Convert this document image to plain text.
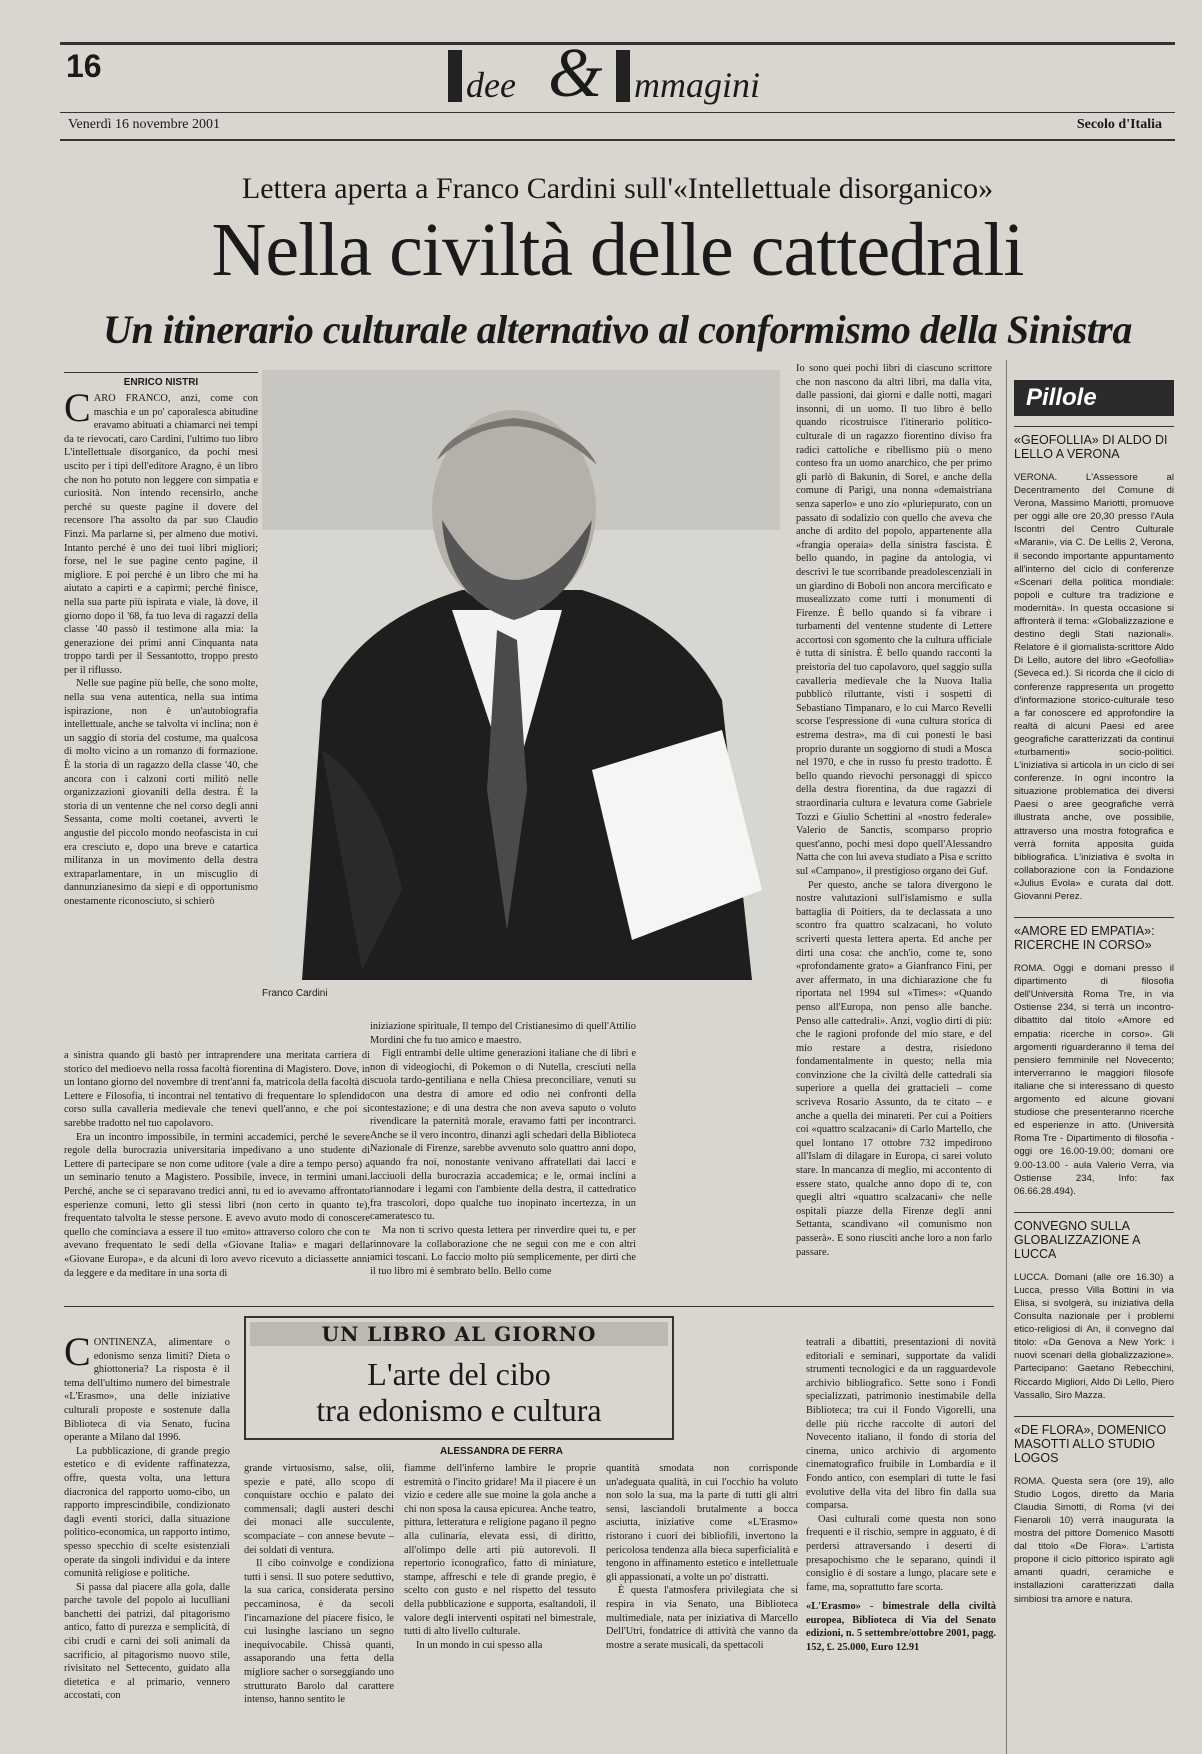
16	dee & mmagini
Venerdì 16 novembre 2001	Secolo d'Italia
Lettera aperta a Franco Cardini sull'«Intellettuale disorganico»
Nella civiltà delle cattedrali
Un itinerario culturale alternativo al conformismo della Sinistra
ENRICO NISTRI

CARO FRANCO, anzi, come con maschia e un po' caporalesca abitudine eravamo abituati a chiamarci nei tempi da te rievocati, caro Cardini, l'ultimo tuo libro L'intellettuale disorganico, da pochi mesi uscito per i tipi dell'editore Aragno, è un libro che non ho potuto non leggere con simpatia e curiosità. Non intendo recensirlo, anche perché su queste pagine il dovere del recensore l'ha assolto da par suo Claudio Finzi. Ma parlarne sì, per almeno due motivi. Intanto perché è uno dei tuoi libri migliori; forse, nel le sue pagine cento pagine, il migliore. E poi perché è un libro che mi ha aiutato a capirti e a capirmi; perché finisce, nella sua parte più ispirata e viale, là dove, il giorno dopo il '68, fa tuo leva di ragazzi della classe '40 passò il testimone alla mia: la generazione dei primi anni Cinquanta nata troppo tardi per il Sessantotto, troppo presto per il riflusso.

Nelle sue pagine più belle, che sono molte, nella sua vena autentica, nella sua intima ispirazione, non è un'autobiografia intellettuale, anche se talvolta vi inclina; non è un saggio di storia del costume, ma qualcosa di molto vicino a un romanzo di formazione. È la storia di un ragazzo della classe '40, che ancora con i calzoni corti militò nelle organizzazioni giovanili della destra. È la storia di un ventenne che nel corso degli anni Sessanta, come molti coetanei, avvertì le angustie del piccolo mondo neofascista in cui era cresciuto e, dopo una breve e catartica militanza in un movimento della destra extraparlamentare, in un miscuglio di dannunzianesimo da siepi e di opportunismo onestamente riconosciuto, si schierò

Franco Cardini

Io sono quei pochi libri di ciascuno scrittore che non nascono da altri libri, ma dalla vita, dalle passioni, dai giorni e dalle notti, magari insonni, di un uomo. Il tuo libro è bello quando ricostruisce l'itinerario politico-culturale di un ragazzo fiorentino diviso fra radici cattoliche e ribellismo più o meno conteso fra un uomo anarchico, che per primo gli parlò di Bakunin, di Sorel, e anche della comune di Parigi, una nonna «demaistriana senza saperlo» e uno zio «pluriepurato, con un passato di sodalizio con quello che aveva che anche di ardito del popolo, appartenente alla «frangia operaia» della sinistra fascista. È bello quando, in pagine da antologia, vi descrivi le tue scorribande preadolescenziali in un giardino di Boboli non ancora mercificato e musealizzato come tutti i monumenti di Firenze. È bello quando si fa vibrare i turbamenti del ventenne studente di Lettere accortosi con sgomento che la cultura ufficiale è tutta di sinistra. È bello quando racconti la preistoria del tuo capolavoro, quel saggio sulla cavalleria medievale che la Nuova Italia pubblicò riluttante, visti i sospetti di Sebastiano Timpanaro, e lo cui Marco Revelli scorse l'espressione di «una cultura storica di estrema destra», ma di cui ponesti le basi proprio durante un soggiorno di studi a Mosca nel 1970, e che in russo fu presto tradotto. È bello quando rievochi personaggi di spicco della destra fiorentina, da due ragazzi di straordinaria cultura e levatura come Gabriele Tozzi e Giulio Schettini al «nostro federale» Valerio de Sanctis, scomparso proprio quest'anno, pochi mesi dopo quell'Alessandro Natta che con lui aveva studiato a Pisa e scritto sul «Campano», il prestigioso organo dei Guf.

Per questo, anche se talora divergono le nostre valutazioni sull'islamismo e sulla battaglia di Poitiers, da te declassata a uno scontro fra quattro scalzacani, ho voluto scriverti questa lettera aperta. Ed anche per dirti una cosa: che anch'io, come te, sono «profondamente grato» a Gianfranco Fini, per aver affermato, in una dichiarazione che fu riportata nel 1994 sul «Times»: «Quando penso all'Europa, non penso alle banche. Penso alle cattedrali». Anzi, voglio dirti di più: che le ragioni profonde del mio stare, e del mio restare a destra, risiedono fondamentalmente in questo; nella mia convinzione che la civiltà delle cattedrali sia superiore a quella dei grattacieli – come scriveva Rosario Assunto, da te citato – e anche a quella dei minareti. Per cui a Poitiers coi «quattro scalzacani» di Carlo Martello, che quel lontano 17 ottobre 732 impedirono all'Islam di dilagare in Europa, ci sarei voluto stare. In mancanza di meglio, mi accontento di essere stato, qualche anno dopo di te, con quegli altri «quattro scalzacani» che nelle ospitali piazze della Firenze degli anni Settanta, scandivano «il comunismo non passerà». E sono riusciti anche loro a non farlo passare.

a sinistra quando gli bastò per intraprendere una meritata carriera di storico del medioevo nella rossa facoltà fiorentina di Magistero. Dove, in un lontano giorno del novembre di trent'anni fa, matricola della facoltà di Lettere e Filosofia, ti incontrai nel tentativo di frequentare lo splendido corso sulla cavalleria medievale che tenevi quell'anno, e che poi si sarebbe tradotto nel tuo capolavoro.

Era un incontro impossibile, in termini accademici, perché le severe regole della burocrazia universitaria impedivano a uno studente di Lettere di partecipare se non come uditore (vale a dire a tempo perso) a un seminario tenuto a Magistero. Possibile, invece, in termini umani. Perché, anche se ci separavano tredici anni, tu ed io avevamo affrontato esperienze comuni, letto gli stessi libri (non certo in quanto te), frequentato talvolta le stesse persone. E avevo avuto modo di conoscere quello che cominciava a essere il tuo «mito» attraverso coloro che con te avevano frequentato le sedi della «Giovane Italia» e magari della «Giovane Europa», e da alcuni di loro avevo ricevuto a diciassette anni da leggere e da meditare in una sorta di

iniziazione spirituale, Il tempo del Cristianesimo di quell'Attilio Mordini che fu tuo amico e maestro.

Figli entrambi delle ultime generazioni italiane che di libri e non di videogiochi, di Pokemon o di Nutella, cresciuti nella scuola tardo-gentiliana e nella Chiesa preconciliare, venuti su con una destra di amore ed odio nei confronti della contestazione; e di una destra che non aveva saputo o voluto rivendicare la paternità morale, eravamo fatti per incontrarci. Anche se il vero incontro, dinanzi agli schedari della Biblioteca Nazionale di Firenze, sarebbe avvenuto solo quattro anni dopo, quando fra noi, nonostante venivano affratellati dai lacci e lacciuoli della burocrazia accademica; e le, ormai inclini a riannodare i legami con l'ambiente della destra, il cattedratico fra trascolori, dopo qualche tuo inopinato incertezza, in un cameratesco tu.

Ma non ti scrivo questa lettera per rinverdire quei tu, e per rinnovare la collaborazione che ne seguì con me e con altri amici toscani. Lo faccio molto più semplicemente, per dirti che il tuo libro mi è sembrato bello. Bello come

Pillole
«GEOFOLLIA» DI ALDO DI LELLO A VERONA
VERONA. L'Assessore al Decentramento del Comune di Verona, Massimo Mariotti, promuove per oggi alle ore 20,30 presso l'Aula Iscontri del Centro Culturale «Marani», via C. De Lellis 2, Verona, il secondo importante appuntamento all'interno del ciclo di conferenze «Scenari della politica mondiale: popoli e culture tra tradizione e modernità». In questa occasione si affronterà il tema: «Globalizzazione e destino degli Stati nazionali». Relatore è il giornalista-scrittore Aldo Di Lello, autore del libro «Geofollia» (Seveca ed.). Si ricorda che il ciclo di conferenze rappresenta un progetto d'informazione storico-culturale teso a far conoscere ed approfondire la realtà di alcuni Paesi ed aree geografiche caratterizzati da continui «turbamenti» socio-politici. L'iniziativa si articola in un ciclo di sei conferenze. In ogni incontro la situazione problematica dei diversi Paesi o aree geografiche verrà illustrata anche, ove possibile, attraverso una mostra fotografica e verrà fornita apposita guida bibliografica. L'iniziativa è svolta in collaborazione con la Fondazione «Julius Evola» e curata dal dott. Giovanni Perez.
«AMORE ED EMPATIA»: RICERCHE IN CORSO»
ROMA. Oggi e domani presso il dipartimento di filosofia dell'Università Roma Tre, in via Ostiense 234, si terrà un incontro-dibattito dal titolo «Amore ed empatia: ricerche in corso». Gli argomenti riguarderanno il tema del pensiero femminile nel Novecento; interverranno le maggiori filosofe italiane che si interessano di questo argomento ed alcune giovani studiose che presenteranno ricerche ed esperienze in atto. (Università Roma Tre - Dipartimento di filosofia - oggi ore 16.00-19.00; domani ore 9.00-13.00 - aula Valerio Verra, via Ostiense 234, Info: fax 06.66.28.494).
CONVEGNO SULLA GLOBALIZZAZIONE A LUCCA
LUCCA. Domani (alle ore 16.30) a Lucca, presso Villa Bottini in via Elisa, si svolgerà, su iniziativa della Consulta nazionale per i problemi etico-religiosi di An, il convegno dal titolo: «Da Genova a New York: i nuovi scenari della globalizzazione». Partecipano: Gaetano Rebecchini, Riccardo Migliori, Aldo Di Lello, Piero Vassallo, Siro Mazza.
«DE FLORA», DOMENICO MASOTTI ALLO STUDIO LOGOS
ROMA. Questa sera (ore 19), allo Studio Logos, diretto da Maria Claudia Simotti, di Roma (vi dei Fienaroli 10) verrà inaugurata la mostra del pittore Domenico Masotti dal titolo «De Flora». L'artista propone il ciclo pittorico ispirato agli amanti quadri, ceramiche e installazioni caratterizzati dalla simbiosi tra amore e natura.
UN LIBRO AL GIORNO
L'arte del cibo
tra edonismo e cultura
ALESSANDRA DE FERRA

CONTINENZA, alimentare o edonismo senza limiti? Dieta o ghiottoneria? La risposta è il tema dell'ultimo numero del bimestrale «L'Erasmo», una delle iniziative culturali proposte e sostenute dalla Biblioteca di via Senato, fucina operante a Milano dal 1996.

La pubblicazione, di grande pregio estetico e di evidente raffinatezza, offre, questa volta, una lettura diacronica del rapporto uomo-cibo, un rapporto imprescindibile, condizionato dagli eventi storici, dalla situazione politico-economica, un rapporto intimo, spesso specchio di scelte esistenziali operate da singoli individui e da intere comunità religiose e politiche.

Si passa dal piacere alla gola, dalle parche tavole del popolo ai luculliani banchetti dei patrizi, dal pitagorismo antico, fatto di purezza e semplicità, di cibi crudi e carni dei soli animali da sacrificio, al pitagorismo nuovo stile, rivisitato nel Settecento, guidato alla dietetica e al primario, vennero accostati, con

grande virtuosismo, salse, olii, spezie e paté, allo scopo di conquistare occhio e palato dei commensali; dagli austeri deschi dei monaci alle succulente, scompaciate – con annese bevute – dei soldati di ventura.

Il cibo coinvolge e condiziona tutti i sensi. Il suo potere seduttivo, la sua carica, considerata persino peccaminosa, è da secoli l'incarnazione del piacere fisico, le cui lusinghe lasciano un segno inequivocabile. Chissà quanti, assaporando una fetta della migliore sacher o sorseggiando uno strutturato Barolo dal carattere intenso, hanno sentito le

fiamme dell'inferno lambire le proprie estremità o l'incito gridare! Ma il piacere è un vizio e cedere alle sue moine la gola anche a chi non sposa la causa epicurea. Anche teatro, pittura, letteratura e religione pagano il pegno alla culinaria, elevata essi, di diritto, all'olimpo delle arti più autorevoli. Il repertorio iconografico, fatto di miniature, stampe, affreschi e tele di grande pregio, è scelto con gusto e nel rispetto del tessuto della pubblicazione e supporta, esaltandoli, il valore degli interventi ospitati nel bimestrale, tutti di alto livello culturale.

In un mondo in cui spesso alla

quantità smodata non corrisponde un'adeguata qualità, in cui l'occhio ha voluto non solo la sua, ma la parte di tutti gli altri sensi, lasciandoli brutalmente a bocca asciutta, iniziative come «L'Erasmo» ristorano i cuori dei bibliofili, invertono la pericolosa tendenza alla bieca superficialità e tengono in affinamento estetico e intellettuale gli appassionati, a volte un po' distratti.

È questa l'atmosfera privilegiata che si respira in via Senato, una Biblioteca multimediale, nata per iniziativa di Marcello Dell'Utri, fondatrice di attività che vanno da mostre a serate musicali, da spettacoli

teatrali a dibattiti, presentazioni di novità editoriali e seminari, supportate da validi strumenti tecnologici e da un ragguardevole archivio bibliografico. Sette sono i Fondi specializzati, patrimonio inestimabile della Biblioteca; tra cui il Fondo Vigorelli, una delle più ricche raccolte di autori del Novecento italiano, il fondo di storia del cinema, unico archivio di argomento cinematografico fruibile in Lombardia e il Fondo antico, con esemplari di tutte le fasi evolutive della vita del libro fin dalla sua comparsa.

Oasi culturali come questa non sono frequenti e il rischio, sempre in agguato, è di perdersi attraversando i deserti di presapochismo che le separano, quindi il consiglio è di sostare a lungo, placare sete e fame, ma, soprattutto fare scorta.

«L'Erasmo» - bimestrale della civiltà europea, Biblioteca di Via del Senato edizioni, n. 5 settembre/ottobre 2001, pagg. 152, £. 25.000, Euro 12.91
